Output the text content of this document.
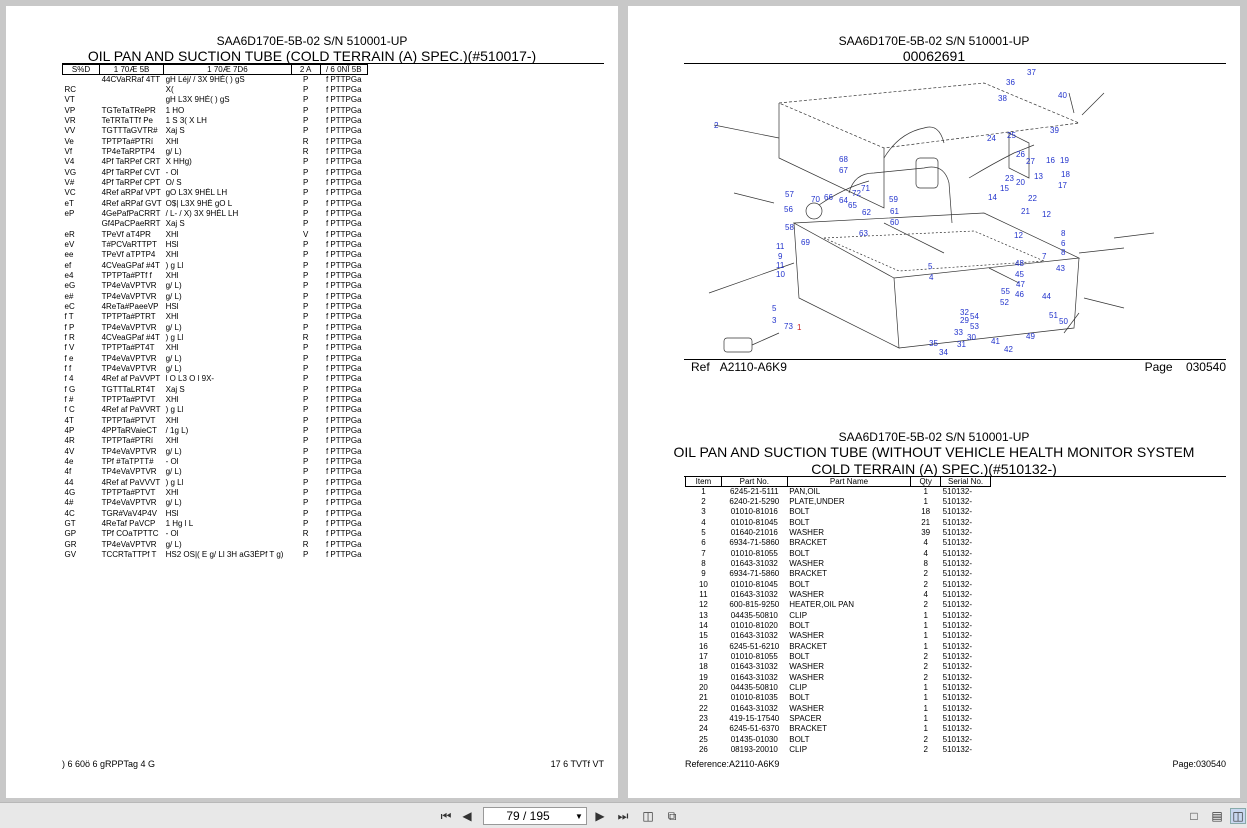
SAA6D170E-5B-02 S/N 510001-UP
OIL PAN AND SUCTION TUBE (COLD TERRAIN (A) SPEC.)(#510017-)
S%D	1 70Æ 5B	1 70Æ 7D6	2 A	/ 6 0NÎ 5B
	44CVaRRaf 4TT	gH Léj/ / 3X 9HÉ( ) gS	P	f PTTPGa
RC		X(	P	f PTTPGa
VT		gH L3X 9HÉ( ) gS	P	f PTTPGa
VP	TGTeTaTRePR	1 HO	P	f PTTPGa
VR	TeTRTaTTf Pe	1 S 3( X LH	P	f PTTPGa
VV	TGTTTaGVTR#	Xaj S	P	f PTTPGa
Ve	TPTPTa#PTRí	XHl	R	f PTTPGa
Vf	TP4eTaRPTP4	g/ L)	R	f PTTPGa
V4	4Pf TaRPef CRT	X HHg)	P	f PTTPGa
VG	4Pf TaRPef CVT	- Ol	P	f PTTPGa
V#	4Pf TaRPef CPT	O/ S	P	f PTTPGa
VC	4Ref aRPaf VPT	gO L3X 9HÉL LH	P	f PTTPGa
eT	4Ref aRPaf GVT	O$| L3X 9HÉ gO L	P	f PTTPGa
eP	4GePafPaCRRT	/ L- / X) 3X 9HÉL LH	P	f PTTPGa
	Gf4PaCPaeRRT	Xaj S	P	f PTTPGa
eR	TPeVf aT4PR	XHl	V	f PTTPGa
eV	T#PCVaRTTPT	HSl	P	f PTTPGa
ee	TPeVf aTPTP4	XHl	P	f PTTPGa
ef	4CVeaGPaf #4T	) g Ll	P	f PTTPGa
e4	TPTPTa#PTf f	XHl	P	f PTTPGa
eG	TP4eVaVPTVR	g/ L)	P	f PTTPGa
e#	TP4eVaVPTVR	g/ L)	P	f PTTPGa
eC	4ReTa#PaeeVP	HSl	P	f PTTPGa
f T	TPTPTa#PTRT	XHl	P	f PTTPGa
f P	TP4eVaVPTVR	g/ L)	P	f PTTPGa
f R	4CVeaGPaf #4T	) g Ll	R	f PTTPGa
f V	TPTPTa#PT4T	XHl	P	f PTTPGa
f e	TP4eVaVPTVR	g/ L)	P	f PTTPGa
f f	TP4eVaVPTVR	g/ L)	P	f PTTPGa
f 4	4Ref af PaVVPT	l O L3 O l 9X-	P	f PTTPGa
f G	TGTTTaLRT4T	Xaj S	P	f PTTPGa
f #	TPTPTa#PTVT	XHl	P	f PTTPGa
f C	4Ref af PaVVRT	) g Ll	P	f PTTPGa
4T	TPTPTa#PTVT	XHl	P	f PTTPGa
4P	4PPTaRVaieCT	/ 1g L)	P	f PTTPGa
4R	TPTPTa#PTRí	XHl	P	f PTTPGa
4V	TP4eVaVPTVR	g/ L)	P	f PTTPGa
4e	TPf #TaTPTT#	- Ol	P	f PTTPGa
4f	TP4eVaVPTVR	g/ L)	P	f PTTPGa
44	4Ref af PaVVVT	) g Ll	P	f PTTPGa
4G	TPTPTa#PTVT	XHl	P	f PTTPGa
4#	TP4eVaVPTVR	g/ L)	P	f PTTPGa
4C	TGR#VaV4P4V	HSl	P	f PTTPGa
GT	4ReTaf PaVCP	1 Hg l L	P	f PTTPGa
GP	TPf COaTPTTC	- Ol	R	f PTTPGa
GR	TP4eVaVPTVR	g/ L)	R	f PTTPGa
GV	TCCRTaTTPf T	HS2 OS|( E g/ Ll 3H aG3ÉPf T g)	P	f PTTPGa
) 6 60ö 6 gRPPTag 4 G	17 6 TVTf VT
SAA6D170E-5B-02 S/N 510001-UP
00062691
37
36
38	40
39
2
24 25
26
27 16 19
23 20
22
13 18
17
15
14
21
68
67
71
72
66
65
57
70 64
62
59
61
56
60
58
69
63
11
9
11
10
5
4
7
8
6
8
48
45
47
46 44
43
55
52
12
12
3
5
73 1
32
29 54
53
33
30
31
35
34
41
42
49
51
50
Ref A2110-A6K9	Page 030540
SAA6D170E-5B-02 S/N 510001-UP
OIL PAN AND SUCTION TUBE (WITHOUT VEHICLE HEALTH MONITOR SYSTEM
COLD TERRAIN (A) SPEC.)(#510132-)
Item	Part No.	Part Name	Qty	Serial No.
1	6245-21-5111	PAN,OIL	1	510132-
2	6240-21-5290	PLATE,UNDER	1	510132-
3	01010-81016	BOLT	18	510132-
4	01010-81045	BOLT	21	510132-
5	01640-21016	WASHER	39	510132-
6	6934-71-5860	BRACKET	4	510132-
7	01010-81055	BOLT	4	510132-
8	01643-31032	WASHER	8	510132-
9	6934-71-5860	BRACKET	2	510132-
10	01010-81045	BOLT	2	510132-
11	01643-31032	WASHER	4	510132-
12	600-815-9250	HEATER,OIL PAN	2	510132-
13	04435-50810	CLIP	1	510132-
14	01010-81020	BOLT	1	510132-
15	01643-31032	WASHER	1	510132-
16	6245-51-6210	BRACKET	1	510132-
17	01010-81055	BOLT	2	510132-
18	01643-31032	WASHER	2	510132-
19	01643-31032	WASHER	2	510132-
20	04435-50810	CLIP	1	510132-
21	01010-81035	BOLT	1	510132-
22	01643-31032	WASHER	1	510132-
23	419-15-17540	SPACER	1	510132-
24	6245-51-6370	BRACKET	1	510132-
25	01435-01030	BOLT	2	510132-
26	08193-20010	CLIP	2	510132-
Reference:A2110-A6K9	Page:030540
⏮ ◀	79 / 195	▼ ▶ ⏭ ◫	⧉	□	▤ ◫
